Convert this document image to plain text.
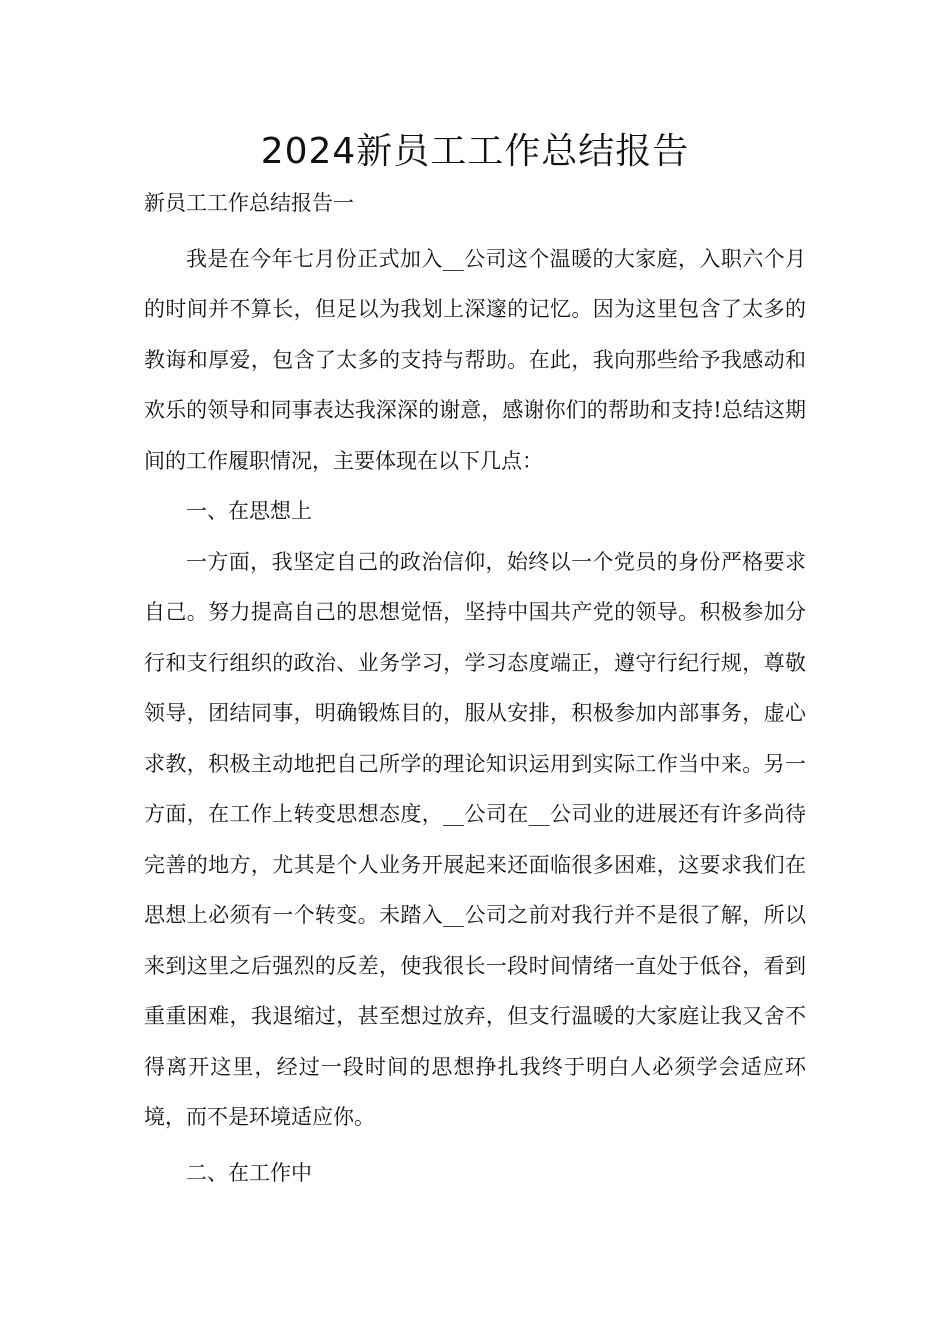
2024新员工工作总结报告

新员工工作总结报告一

我是在今年七月份正式加入__公司这个温暖的大家庭，入职六个月的时间并不算长，但足以为我划上深邃的记忆。因为这里包含了太多的教诲和厚爱，包含了太多的支持与帮助。在此，我向那些给予我感动和欢乐的领导和同事表达我深深的谢意，感谢你们的帮助和支持!总结这期间的工作履职情况，主要体现在以下几点：

一、在思想上

一方面，我坚定自己的政治信仰，始终以一个党员的身份严格要求自己。努力提高自己的思想觉悟，坚持中国共产党的领导。积极参加分行和支行组织的政治、业务学习，学习态度端正，遵守行纪行规，尊敬领导，团结同事，明确锻炼目的，服从安排，积极参加内部事务，虚心求教，积极主动地把自己所学的理论知识运用到实际工作当中来。另一方面，在工作上转变思想态度，__公司在__公司业的进展还有许多尚待完善的地方，尤其是个人业务开展起来还面临很多困难，这要求我们在思想上必须有一个转变。未踏入__公司之前对我行并不是很了解，所以来到这里之后强烈的反差，使我很长一段时间情绪一直处于低谷，看到重重困难，我退缩过，甚至想过放弃，但支行温暖的大家庭让我又舍不得离开这里，经过一段时间的思想挣扎我终于明白人必须学会适应环境，而不是环境适应你。

二、在工作中
